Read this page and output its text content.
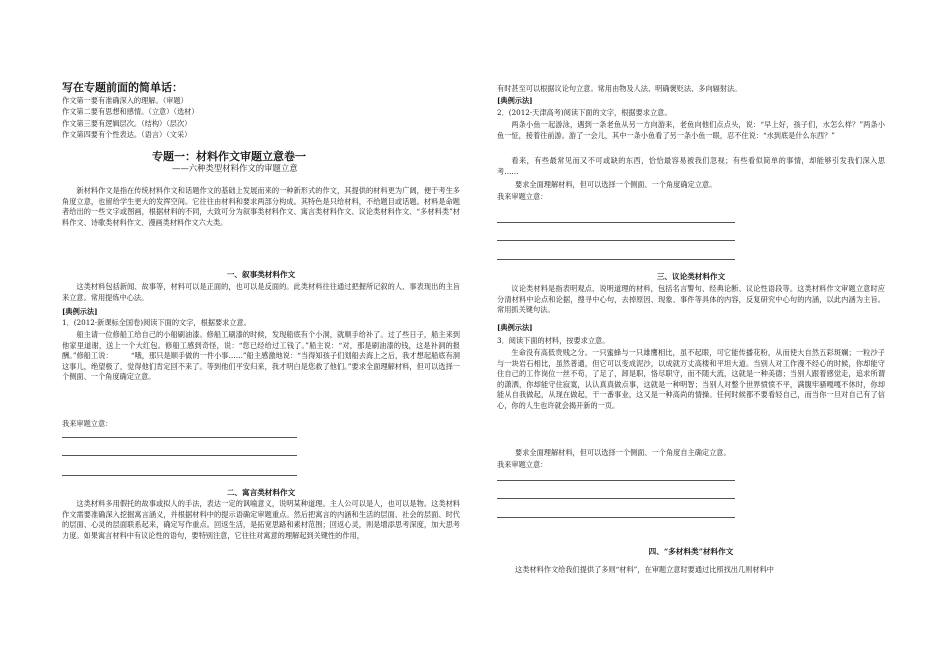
写在专题前面的简单话：
作文第一要有准确深入的理解。（审题）
作文第二要有思想和感情。（立意）（选材）
作文第三要有逻辑层次。（结构）（层次）
作文第四要有个性表达。（语言）（文采）
专题一：材料作文审题立意卷一
——六种类型材料作文的审题立意
新材料作文是指在传统材料作文和话题作文的基础上发展而来的一种新形式的作文，其提供的材料更为广阔，便于考生多角度立意，也留给学生更大的发挥空间。它往往由材料和要求两部分构成。其特色是只给材料，不给题目或话题。材料是命题者给出的一些文字或图画，根据材料的不同，大致可分为叙事类材料作文、寓言类材料作文、议论类材料作文、“多材料类”材料作文、诗歌类材料作文、漫画类材料作文六大类。
一、叙事类材料作文
这类材料包括新闻、故事等，材料可以是正面的，也可以是反面的。此类材料往往通过把握所记叙的人、事表现出的主旨来立意。常用提炼中心法。
[典例示法]
1．(2012·新课标全国卷)阅读下面的文字，根据要求立意。
船主请一位修船工给自己的小船刷油漆。修船工刷漆的时候，发现船底有个小洞，就顺手给补了。过了些日子，船主来到他家里道谢，送上一个大红包。修船工感到奇怪，说：“您已经给过工钱了。”船主说：“对，那是刷油漆的钱，这是补洞的报酬。”修船工说：　　　“哦，那只是顺手做的一件小事……”船主感激地说：“当得知孩子们划船去海上之后，我才想起船底有洞这事儿，绝望极了，觉得他们肯定回不来了。等到他们平安归来，我才明白是您救了他们。”要求全面理解材料，但可以选择一个侧面、一个角度确定立意。
我来审题立意：
二、寓言类材料作文
这类材料多用假托的故事或拟人的手法，表达一定的讽喻意义，说明某种道理。主人公可以是人，也可以是物。这类材料作文需要准确深入挖掘寓言涵义，并根据材料中的提示语确定审题重点。然后把寓言的内涵和生活的层面、社会的层面、时代的层面、心灵的层面联系起来，确定写作重点。回返生活，是拓宽思路和素材范围；回返心灵，则是增添思考深度，加大思考力度。如果寓言材料中有议论性的语句，要特别注意，它往往对寓意的理解起到关键性的作用，
有时甚至可以根据议论句立意。常用由物及人法、明确褒贬法、多向辐射法。
[典例示法]
2．(2012·天津高考)阅读下面的文字，根据要求立意。
两条小鱼一起游泳，遇到一条老鱼从另一方向游来，老鱼向他们点点头，说：“早上好，孩子们，水怎么样？”两条小鱼一怔，接着往前游。游了一会儿，其中一条小鱼看了另一条小鱼一眼，忍不住说：“水到底是什么东西？”
看来，有些最常见而又不可或缺的东西，恰恰最容易被我们忽视；有些看似简单的事情，却能够引发我们深入思考……
要求全面理解材料，但可以选择一个侧面、一个角度确定立意。
我来审题立意：
三、议论类材料作文
议论类材料是指表明观点、说明道理的材料，包括名言警句、经典论断、议论性语段等。这类材料作文审题立意时应分清材料中论点和论据，搜寻中心句，去掉原因、现象、事件等具体的内容，反复研究中心句的内涵，以此内涵为主旨。常用抓关键句法。
[典例示法]
3．阅读下面的材料，按要求立意。
生命没有高低贵贱之分。一只蜜蜂与一只雄鹰相比，虽不起眼，可它能传播花粉，从而使大自然五彩斑斓；一粒沙子与一块岩石相比，虽然普通，但它可以变成泥沙，以成就万丈高楼和平坦大道。当别人对工作漫不经心的时候，你却能守住自己的工作岗位一丝不苟，了足了，卸是职，恪尽职守，而不随大流，这就是一种美德；当别人跟着感觉走，追求所谓的潇洒，你却能守住寂寞，认认真真做点事，这就是一种明智；当别人对整个世界愤愤不平，满腹牢骚嘎嘎不休时，你却能从自我做起，从现在做起，干一番事业，这又是一种高尚的情操。任何时候都不要看轻自己，而当你一旦对自己有了信心，你的人生也许就会揭开新的一页。
要求全面理解材料，但可以选择一个侧面、一个角度自主确定立意。
我来审题立意：
四、“多材料类”材料作文
这类材料作文给我们提供了多则“材料”，在审题立意时要通过比照找出几则材料中
